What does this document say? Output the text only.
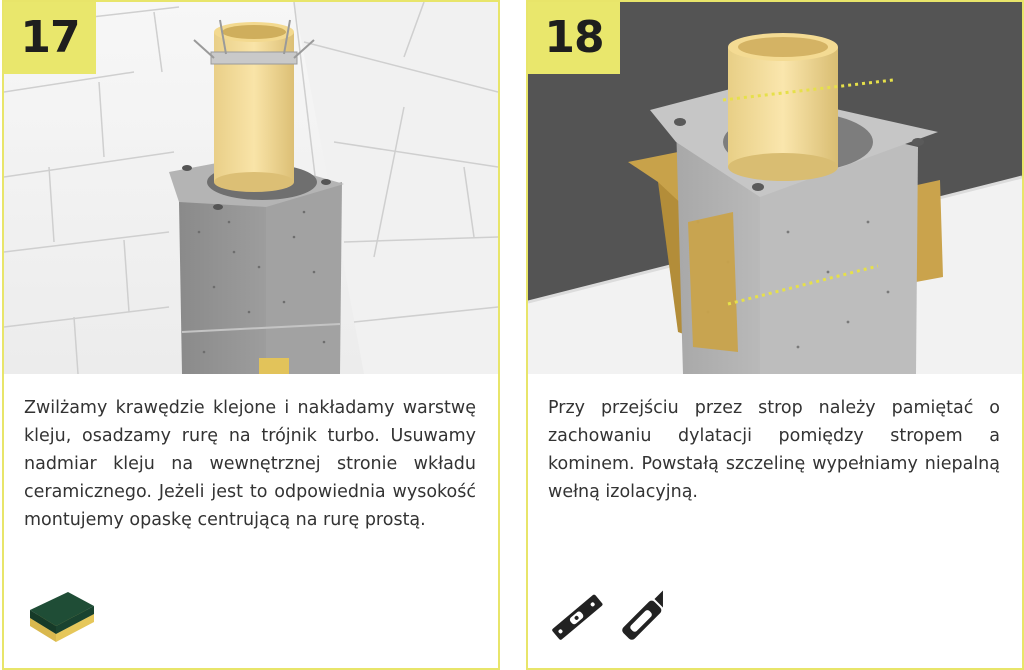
17

Zwilżamy krawędzie klejone i nakładamy warstwę kleju, osadzamy rurę na trójnik turbo. Usuwamy nadmiar kleju na wewnętrznej stronie wkładu ceramicznego. Jeżeli jest to odpowiednia wysokość montujemy opaskę centrującą na rurę prostą.

18

Przy przejściu przez strop należy pamiętać o zachowaniu dylatacji pomiędzy stropem a kominem. Powstałą szczelinę wypełniamy niepalną wełną izolacyjną.
